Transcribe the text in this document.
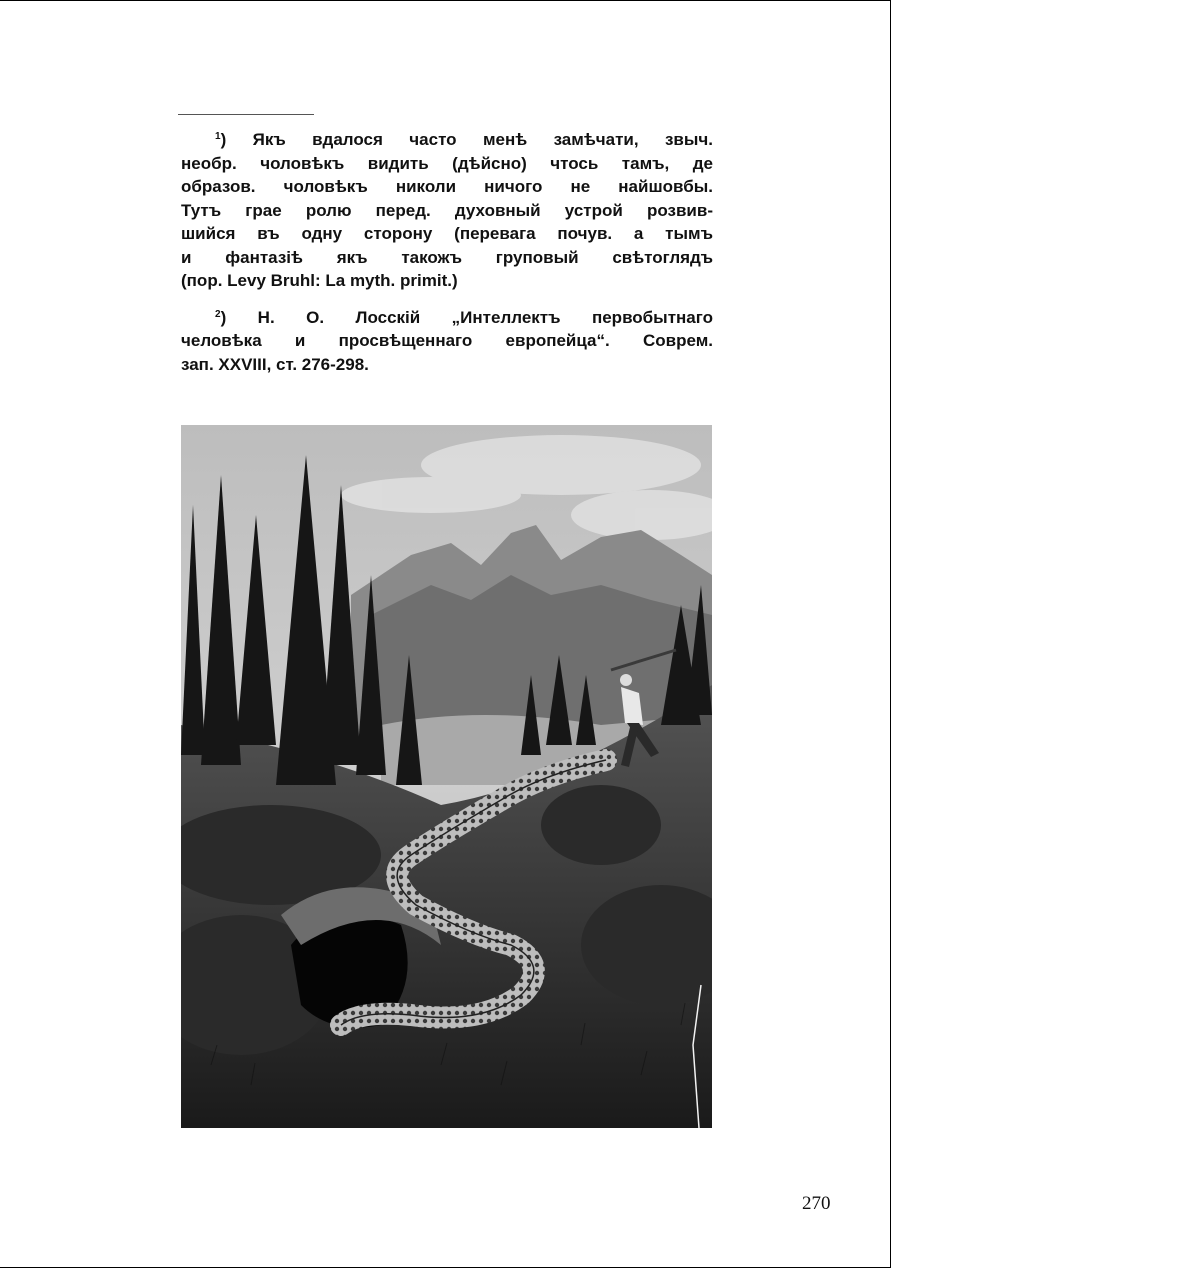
$^1$) Якъ вдалося часто менѣ замѣчати, звыч.
необр. чоловѣкъ видить (дѣйсно) чтось тамъ, де
образов. чоловѣкъ николи ничого не найшовбы.
Тутъ грае ролю перед. духовный устрой розвив-
шийся въ одну сторону (перевага почув. а тымъ
и фантазiѣ якъ такожъ груповый свѣтоглядъ
(пор. Levy Bruhl: La myth. primit.)

$^2$) Н. О. Лосскiй „Интеллектъ первобытнаго
человѣка и просвѣщеннаго европейца“. Соврем.
зап. XXVIII, ст. 276-298.

270
